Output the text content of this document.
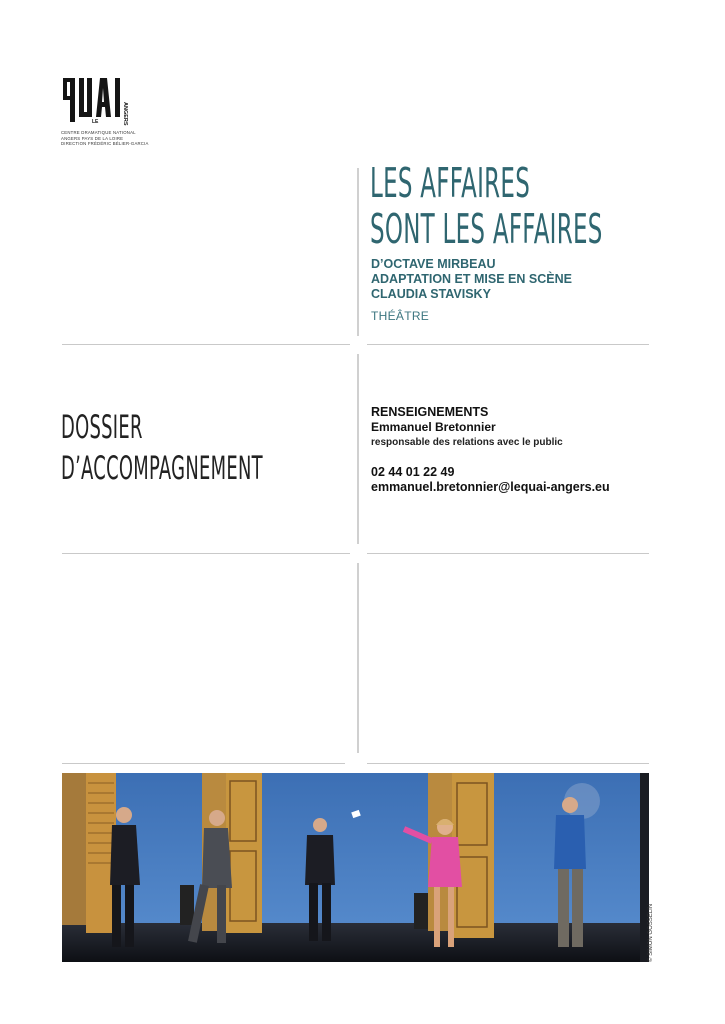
LE	ANGERS
CENTRE DRAMATIQUE NATIONAL
ANGERS PAYS DE LA LOIRE
DIRECTION FRÉDÉRIC BÉLIER-GARCIA
LES AFFAIRES
SONT LES AFFAIRES
D’OCTAVE MIRBEAU
ADAPTATION ET MISE EN SCÈNE
CLAUDIA STAVISKY
THÉÂTRE
DOSSIER
D’ACCOMPAGNEMENT
RENSEIGNEMENTS
Emmanuel Bretonnier
responsable des relations avec le public
02 44 01 22 49
emmanuel.bretonnier@lequai-angers.eu
© SIMON GOSSELIN
